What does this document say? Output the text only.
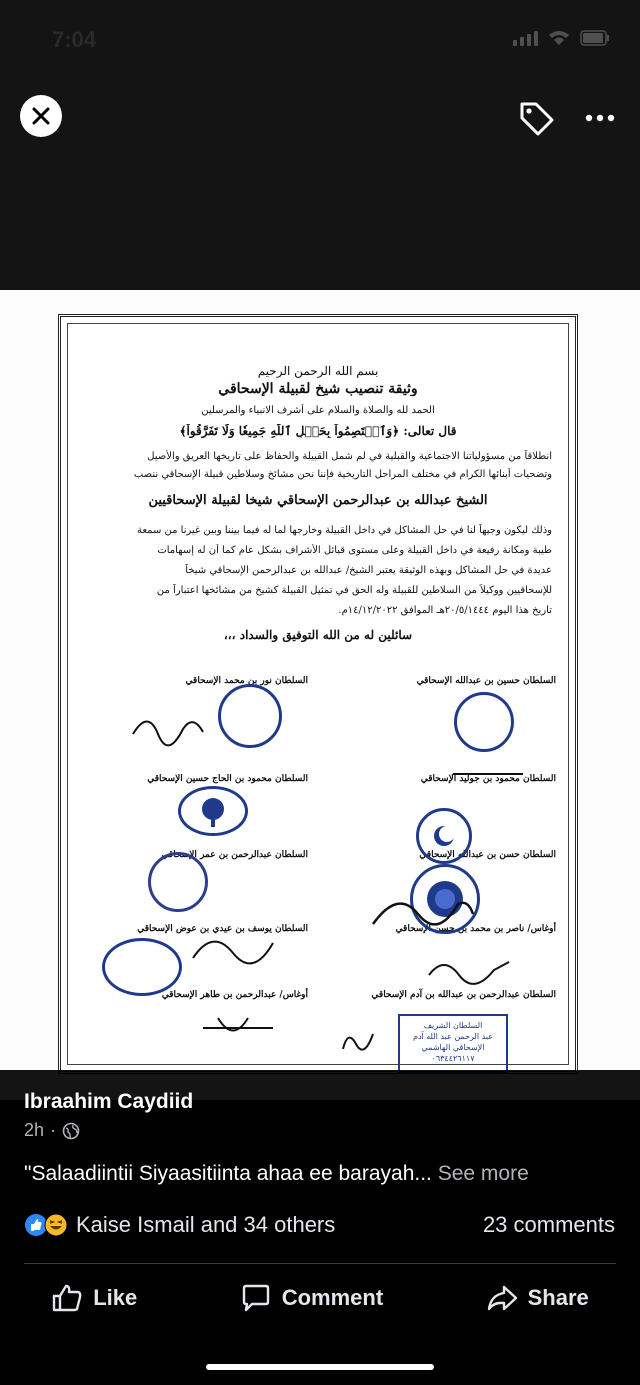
7:04
بسم الله الرحمن الرحيم
وثيقة تنصيب شيخ لقبيلة الإسحاقي
الحمد لله والصلاة والسلام على أشرف الانبياء والمرسلين
قال تعالى: ﴿وَٱعۡتَصِمُواْ بِحَبۡلِ ٱللَّهِ جَمِيعٗا وَلَا تَفَرَّقُواْ﴾
انطلاقاً من مسؤولياتنا الاجتماعية والقبلية في لم شمل القبيلة والحفاظ على تاريخها العريق والأصيل
وتضحيات أبنائها الكرام في مختلف المراحل التاريخية فإننا نحن مشائخ وسلاطين قبيلة الإسحاقي ننصب
الشيخ عبدالله بن عبدالرحمن الإسحاقي شيخاً لقبيلة الإسحاقيين
وذلك ليكون وجيهاً لنا في حل المشاكل في داخل القبيلة وخارجها لما له فيما بيننا وبين غيرنا من سمعة
طيبة ومكانة رفيعة في داخل القبيلة وعلى مستوى قبائل الأشراف بشكل عام كما أن له إسهامات
عديدة في حل المشاكل وبهذه الوثيقة يعتبر الشيخ/ عبدالله بن عبدالرحمن الإسحاقي شيخاً
للإسحاقيين ووكيلاً من السلاطين للقبيلة وله الحق في تمثيل القبيلة كشيخ من مشائخها اعتباراً من
تاريخ هذا اليوم ٢٠/٥/١٤٤٤هـ الموافق ١٤/١٢/٢٠٢٢م.
سائلين له من الله التوفيق والسداد ،،،
السلطان حسين بن عبدالله الإسحاقي
السلطان نور بن محمد الإسحاقي
السلطان محمود بن جوليد الإسحاقي
السلطان محمود بن الحاج حسين الإسحاقي
السلطان حسن بن عبدالله الإسحاقي
السلطان عبدالرحمن بن عمر الإسحاقي
أوغاس/ ناصر بن محمد بن حسن الإسحاقي
السلطان يوسف بن عيدي بن عوض الإسحاقي
السلطان عبدالرحمن بن عبدالله بن آدم الإسحاقي
أوغاس/ عبدالرحمن بن طاهر الإسحاقي
السلطان الشريف
عبد الرحمن عبد الله آدم
الإسحاقي الهاشمي
٠٦٣٤٤٢٦١١٧
Ibraahim Caydiid
2h ·
"Salaadiintii Siyaasitiinta ahaa ee barayah... See more
Kaise Ismail and 34 others	23 comments
Like	Comment	Share
